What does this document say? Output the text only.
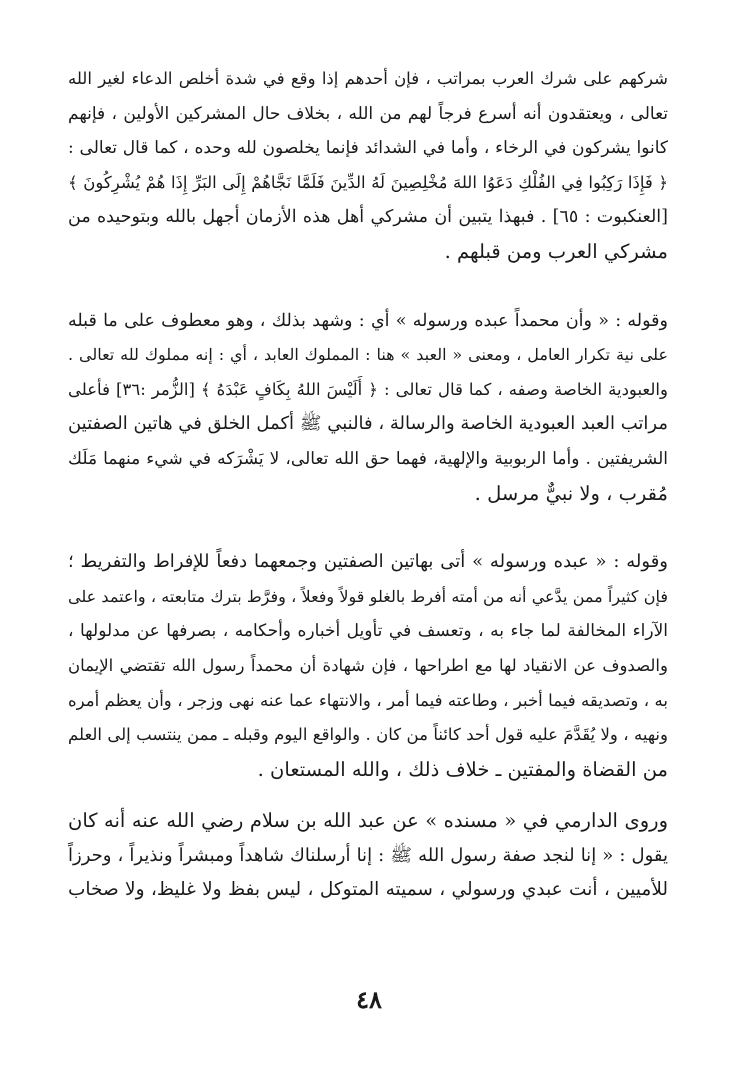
شركهم على شرك العرب بمراتب ، فإن أحدهم إذا وقع في شدة أخلص الدعاء لغير الله
تعالى ، ويعتقدون أنه أسرع فرجاً لهم من الله ، بخلاف حال المشركين الأولين ، فإنهم
كانوا يشركون في الرخاء ، وأما في الشدائد فإنما يخلصون لله وحده ، كما قال تعالى :
﴿ فَإِذَا رَكِبُوا فِي الفُلْكِ دَعَوُا اللهَ مُخْلِصِينَ لَهُ الدِّينَ فَلَمَّا نَجَّاهُمْ إِلَى البَرِّ إِذَا هُمْ يُشْرِكُونَ ﴾
[العنكبوت : ٦٥] . فبهذا يتبين أن مشركي أهل هذه الأزمان أجهل بالله وبتوحيده من
مشركي العرب ومن قبلهم .

وقوله : « وأن محمداً عبده ورسوله » أي : وشهد بذلك ، وهو معطوف على ما قبله
على نية تكرار العامل ، ومعنى « العبد » هنا : المملوك العابد ، أي : إنه مملوك لله تعالى .
والعبودية الخاصة وصفه ، كما قال تعالى : ﴿ أَلَيْسَ اللهُ بِكَافٍ عَبْدَهُ ﴾ [الزُّمر :٣٦] فأعلى
مراتب العبد العبودية الخاصة والرسالة ، فالنبي ﷺ أكمل الخلق في هاتين الصفتين
الشريفتين . وأما الربوبية والإلهية، فهما حق الله تعالى، لا يَشْرَكه في شيء منهما مَلَك
مُقرب ، ولا نبيٌّ مرسل .

وقوله : « عبده ورسوله » أتى بهاتين الصفتين وجمعهما دفعاً للإفراط والتفريط ؛
فإن كثيراً ممن يدَّعي أنه من أمته أفرط بالغلو قولاً وفعلاً ، وفرَّط بترك متابعته ، واعتمد على
الآراء المخالفة لما جاء به ، وتعسف في تأويل أخباره وأحكامه ، بصرفها عن مدلولها ،
والصدوف عن الانقياد لها مع اطراحها ، فإن شهادة أن محمداً رسول الله تقتضي الإيمان
به ، وتصديقه فيما أخبر ، وطاعته فيما أمر ، والانتهاء عما عنه نهى وزجر ، وأن يعظم أمره
ونهيه ، ولا يُقَدَّمَ عليه قول أحد كائناً من كان . والواقع اليوم وقبله ـ ممن ينتسب إلى العلم
من القضاة والمفتين ـ خلاف ذلك ، والله المستعان .

وروى الدارمي في « مسنده » عن عبد الله بن سلام رضي الله عنه أنه كان
يقول : « إنا لنجد صفة رسول الله ﷺ : إنا أرسلناك شاهداً ومبشراً ونذيراً ، وحرزاً
للأميين ، أنت عبدي ورسولي ، سميته المتوكل ، ليس بفظ ولا غليظ، ولا صخاب

٤٨
